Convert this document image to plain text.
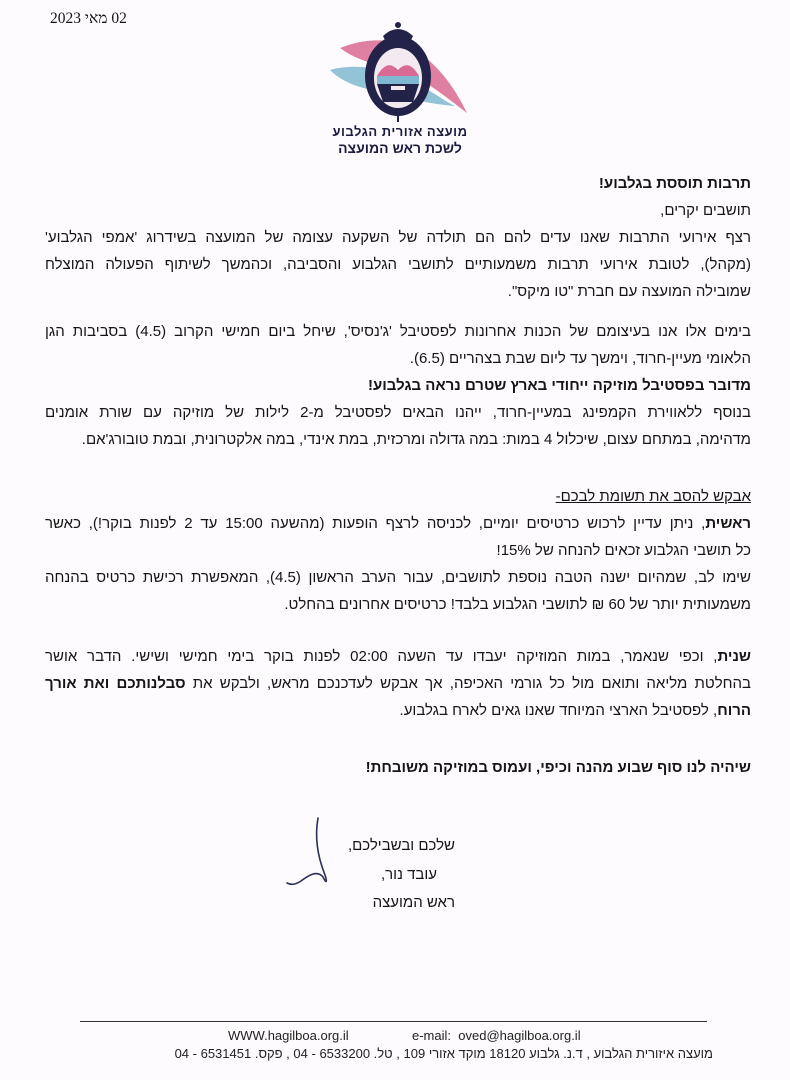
02 מאי 2023
מועצה אזורית הגלבוע
לשכת ראש המועצה

תרבות תוססת בגלבוע!

תושבים יקרים,

רצף אירועי התרבות שאנו עדים להם הם תולדה של השקעה עצומה של המועצה בשידרוג 'אמפי הגלבוע'

(מקהל), לטובת אירועי תרבות משמעותיים לתושבי הגלבוע והסביבה, וכהמשך לשיתוף הפעולה המוצלח

שמובילה המועצה עם חברת "טו מיקס".

בימים אלו אנו בעיצומם של הכנות אחרונות לפסטיבל 'ג'נסיס', שיחל ביום חמישי הקרוב (4.5) בסביבות הגן

הלאומי מעיין-חרוד, וימשך עד ליום שבת בצהריים (6.5).

מדובר בפסטיבל מוזיקה ייחודי בארץ שטרם נראה בגלבוע!

בנוסף ללאווירת הקמפינג במעיין-חרוד, ייהנו הבאים לפסטיבל מ-2 לילות של מוזיקה עם שורת אומנים

מדהימה, במתחם עצום, שיכלול 4 במות: במה גדולה ומרכזית, במת אינדי, במה אלקטרונית, ובמת טובורג'אם.

אבקש להסב את תשומת לבכם-

ראשית, ניתן עדיין לרכוש כרטיסים יומיים, לכניסה לרצף הופעות (מהשעה 15:00 עד 2 לפנות בוקר!), כאשר

כל תושבי הגלבוע זכאים להנחה של 15%!

שימו לב, שמהיום ישנה הטבה נוספת לתושבים, עבור הערב הראשון (4.5), המאפשרת רכישת כרטיס בהנחה

משמעותית יותר של 60 ₪ לתושבי הגלבוע בלבד! כרטיסים אחרונים בהחלט.

שנית, וכפי שנאמר, במות המוזיקה יעבדו עד השעה 02:00 לפנות בוקר בימי חמישי ושישי. הדבר אושר

בהחלטת מליאה ותואם מול כל גורמי האכיפה, אך אבקש לעדכנכם מראש, ולבקש את סבלנותכם ואת אורך

הרוח, לפסטיבל הארצי המיוחד שאנו גאים לארח בגלבוע.

שיהיה לנו סוף שבוע מהנה וכיפי, ועמוס במוזיקה משובחת!

שלכם ובשבילכם,

עובד נור,

ראש המועצה

WWW.hagilboa.org.il	e-mail: oved@hagilboa.org.il
מועצה איזורית הגלבוע , ד.נ. גלבוע 18120 מוקד אזורי 109 , טל. 6533200 - 04 , פקס. 6531451 - 04
